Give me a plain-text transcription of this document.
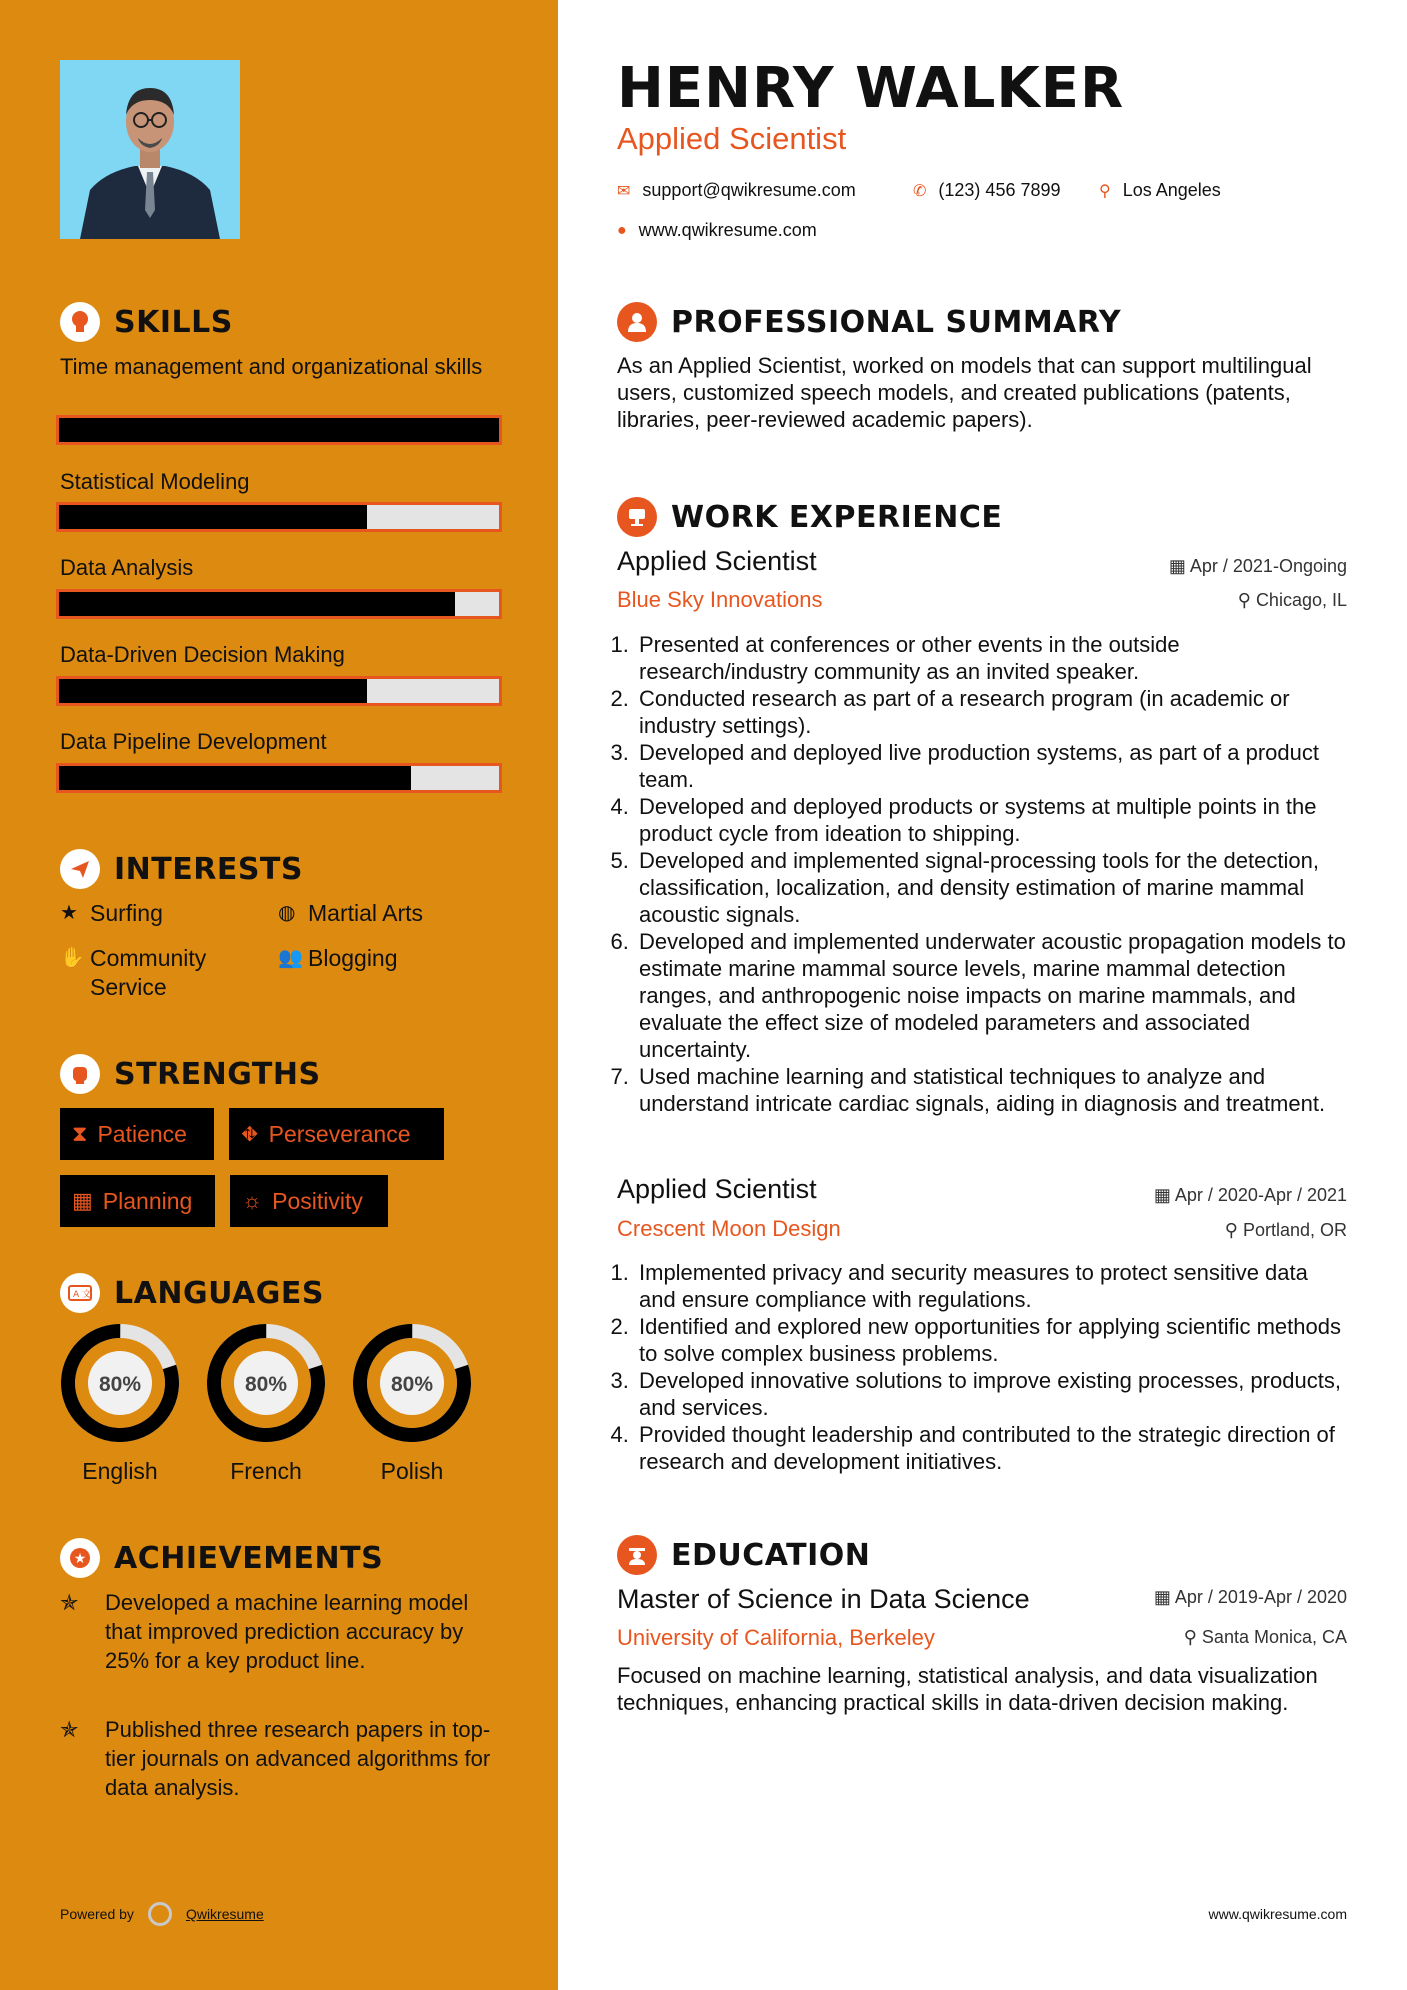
SKILLS
Time management and organizational skills
Statistical Modeling
Data Analysis
Data-Driven Decision Making
Data Pipeline Development
INTERESTS
★ Surfing	◍ Martial Arts
✋ Community Service
👥 Blogging
STRENGTHS
⧗ Patience ⛖ Perseverance
▦ Planning ☼ Positivity
A 文 LANGUAGES
80%	80%	80%
English	French	Polish
★ ACHIEVEMENTS
✯	Developed a machine learning model that improved prediction accuracy by 25% for a key product line.
✯	Published three research papers in top-tier journals on advanced algorithms for data analysis.
Powered by	Qwikresume
HENRY WALKER
Applied Scientist
✉ support@qwikresume.com	✆ (123) 456 7899 ⚲ Los Angeles
● www.qwikresume.com
PROFESSIONAL SUMMARY
As an Applied Scientist, worked on models that can support multilingual users, customized speech models, and created publications (patents, libraries, peer-reviewed academic papers).
WORK EXPERIENCE
Applied Scientist
Blue Sky Innovations
▦ Apr / 2021-Ongoing
⚲ Chicago, IL
1. Presented at conferences or other events in the outside research/industry community as an invited speaker.
2. Conducted research as part of a research program (in academic or industry settings).
3. Developed and deployed live production systems, as part of a product team.
4. Developed and deployed products or systems at multiple points in the product cycle from ideation to shipping.
5. Developed and implemented signal-processing tools for the detection, classification, localization, and density estimation of marine mammal acoustic signals.
6. Developed and implemented underwater acoustic propagation models to estimate marine mammal source levels, marine mammal detection ranges, and anthropogenic noise impacts on marine mammals, and evaluate the effect size of modeled parameters and associated uncertainty.
7. Used machine learning and statistical techniques to analyze and understand intricate cardiac signals, aiding in diagnosis and treatment.
Applied Scientist
Crescent Moon Design
▦ Apr / 2020-Apr / 2021
⚲ Portland, OR
1. Implemented privacy and security measures to protect sensitive data and ensure compliance with regulations.
2. Identified and explored new opportunities for applying scientific methods to solve complex business problems.
3. Developed innovative solutions to improve existing processes, products, and services.
4. Provided thought leadership and contributed to the strategic direction of research and development initiatives.
EDUCATION
Master of Science in Data Science
University of California, Berkeley
▦ Apr / 2019-Apr / 2020
⚲ Santa Monica, CA
Focused on machine learning, statistical analysis, and data visualization techniques, enhancing practical skills in data-driven decision making.
www.qwikresume.com
